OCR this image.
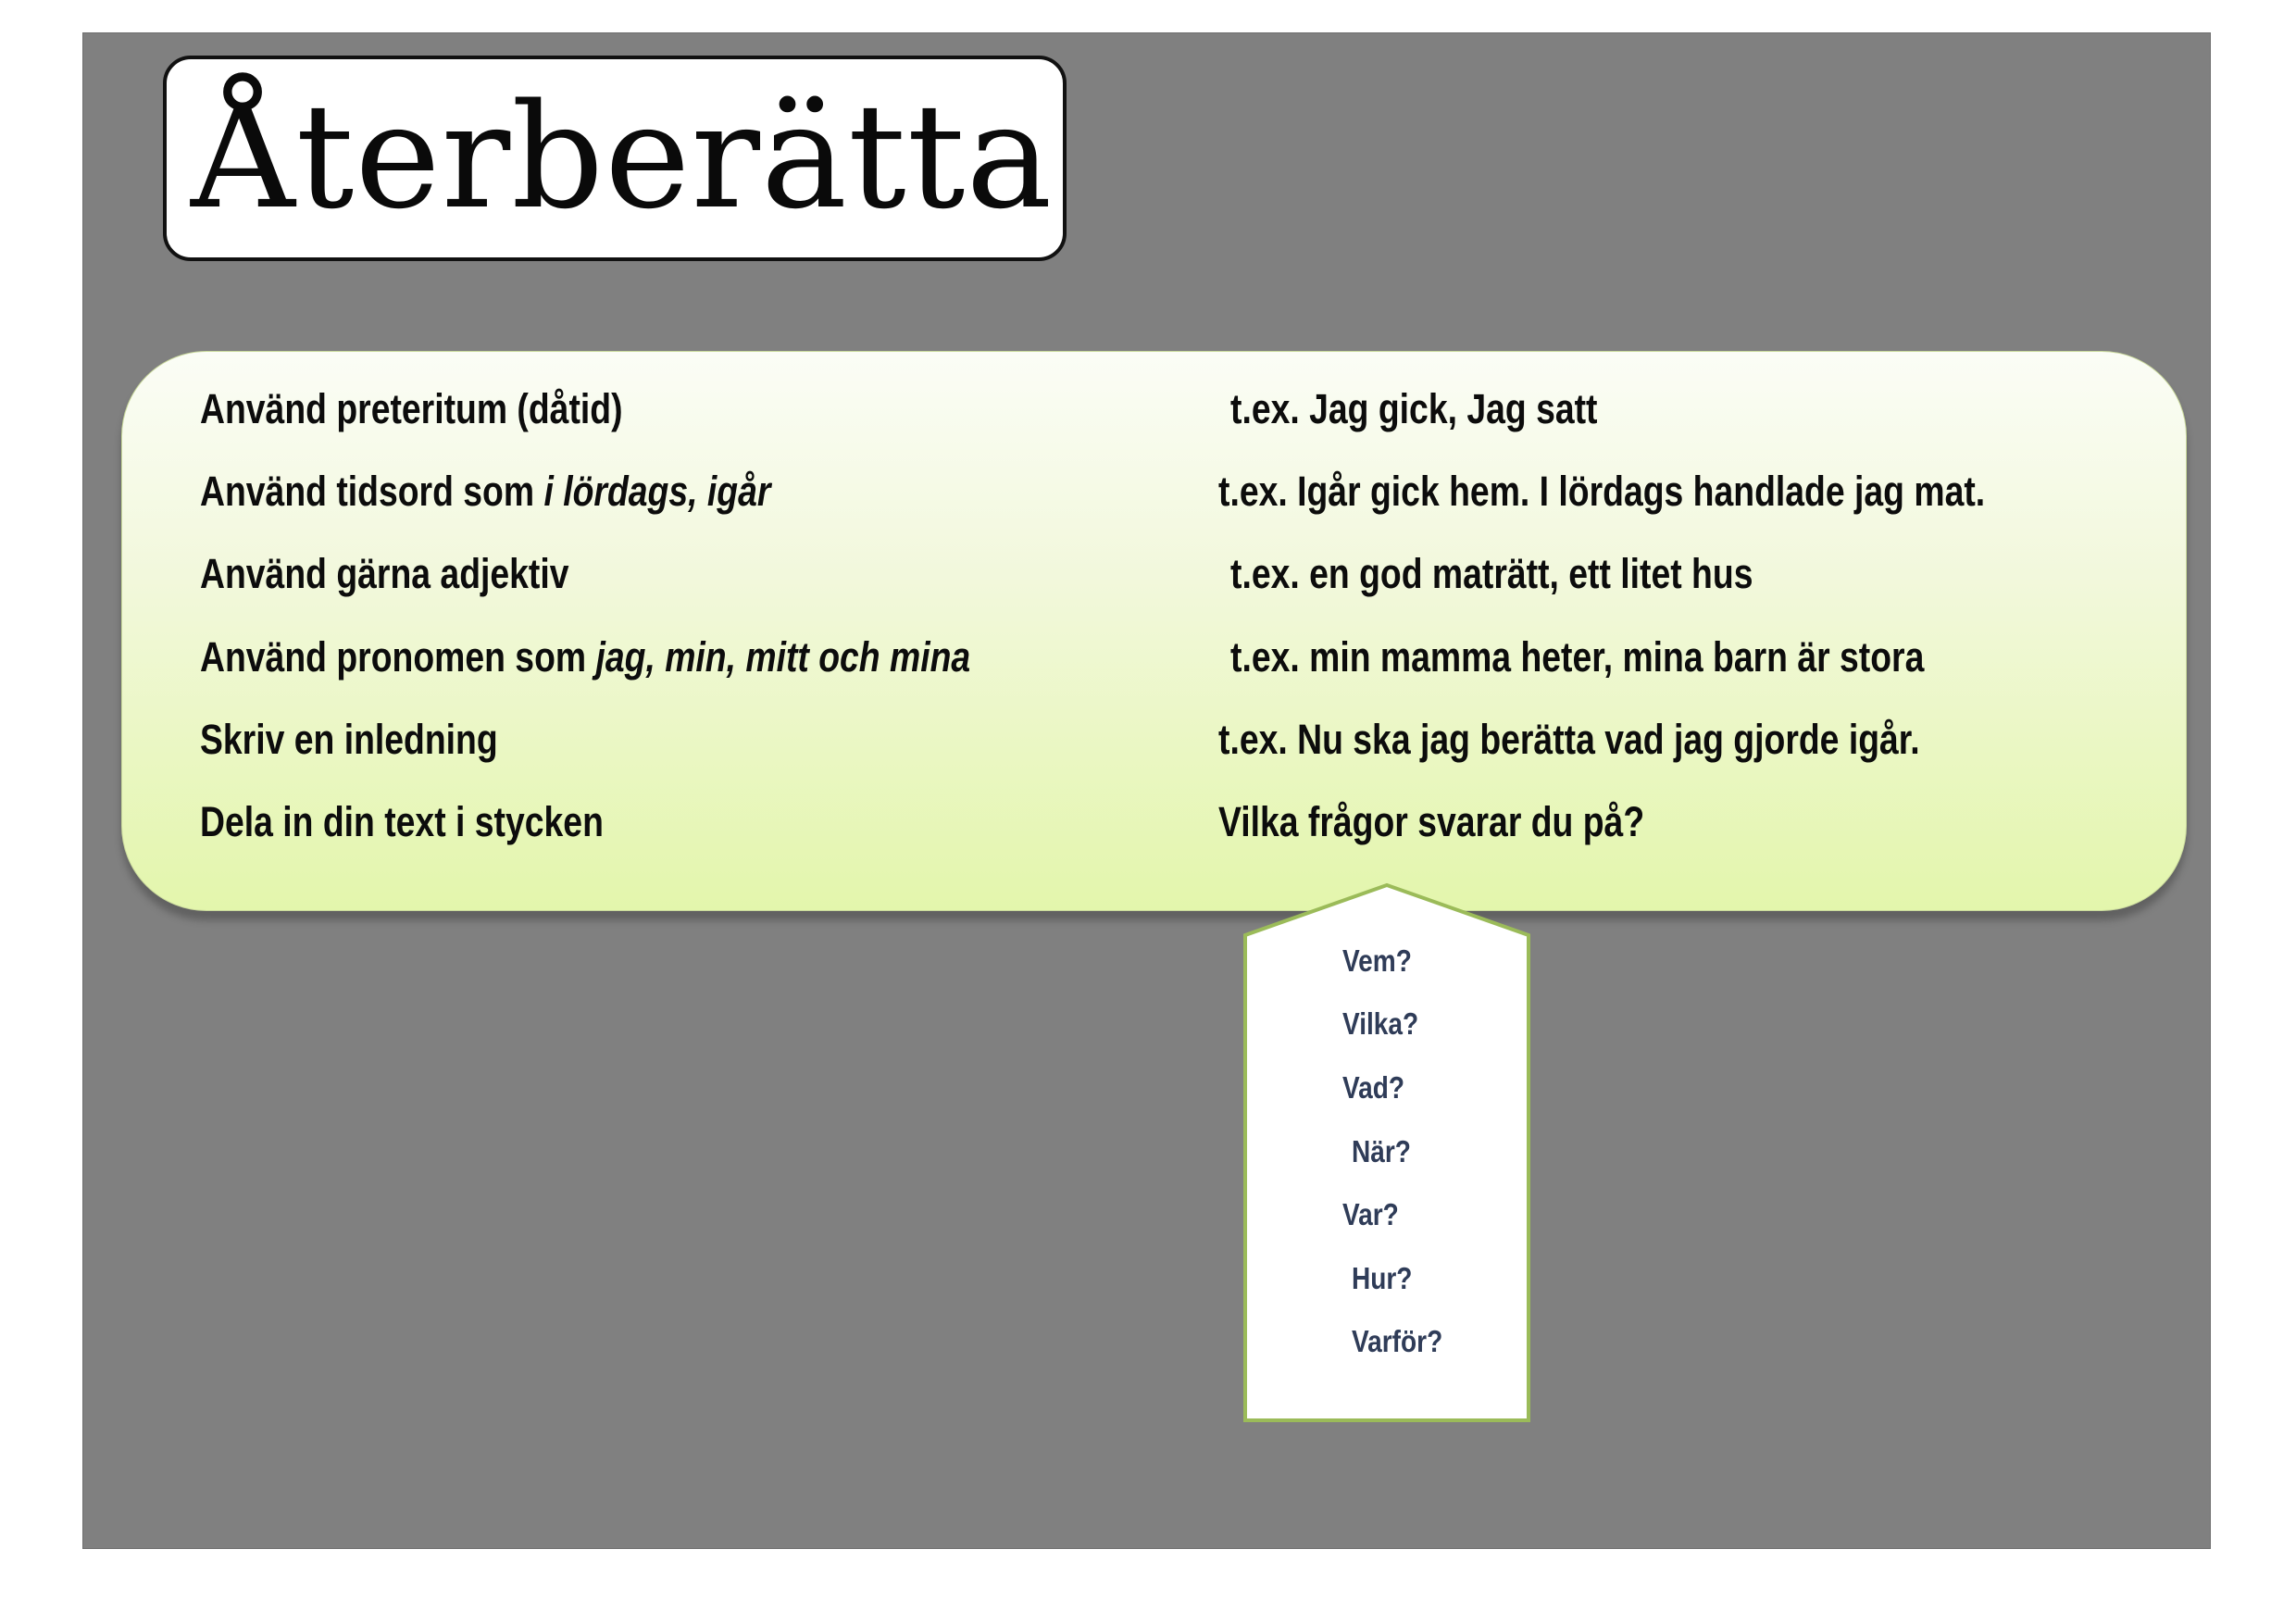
Återberätta
Använd preteritum (dåtid)	t.ex. Jag gick, Jag satt
Använd tidsord som i lördags, igår	t.ex. Igår gick hem. I lördags handlade jag mat.
Använd gärna adjektiv	t.ex. en god maträtt, ett litet hus
Använd pronomen som jag, min, mitt och mina	t.ex. min mamma heter, mina barn är stora
Skriv en inledning	t.ex. Nu ska jag berätta vad jag gjorde igår.
Dela in din text i stycken	Vilka frågor svarar du på?
Vem?
Vilka?
Vad?
När?
Var?
Hur?
Varför?
